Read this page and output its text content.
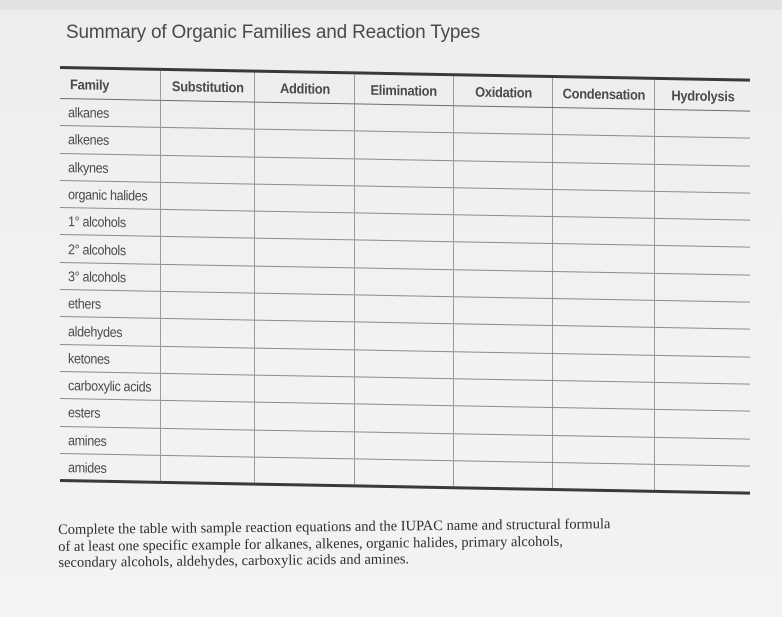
Summary of Organic Families and Reaction Types
Family	Substitution	Addition	Elimination	Oxidation	Condensation	Hydrolysis
alkanes						
alkenes						
alkynes						
organic halides						
1° alcohols						
2° alcohols						
3° alcohols						
ethers						
aldehydes						
ketones						
carboxylic acids						
esters						
amines						
amides						

Complete the table with sample reaction equations and the IUPAC name and structural formula
of at least one specific example for alkanes, alkenes, organic halides, primary alcohols,
secondary alcohols, aldehydes, carboxylic acids and amines.
